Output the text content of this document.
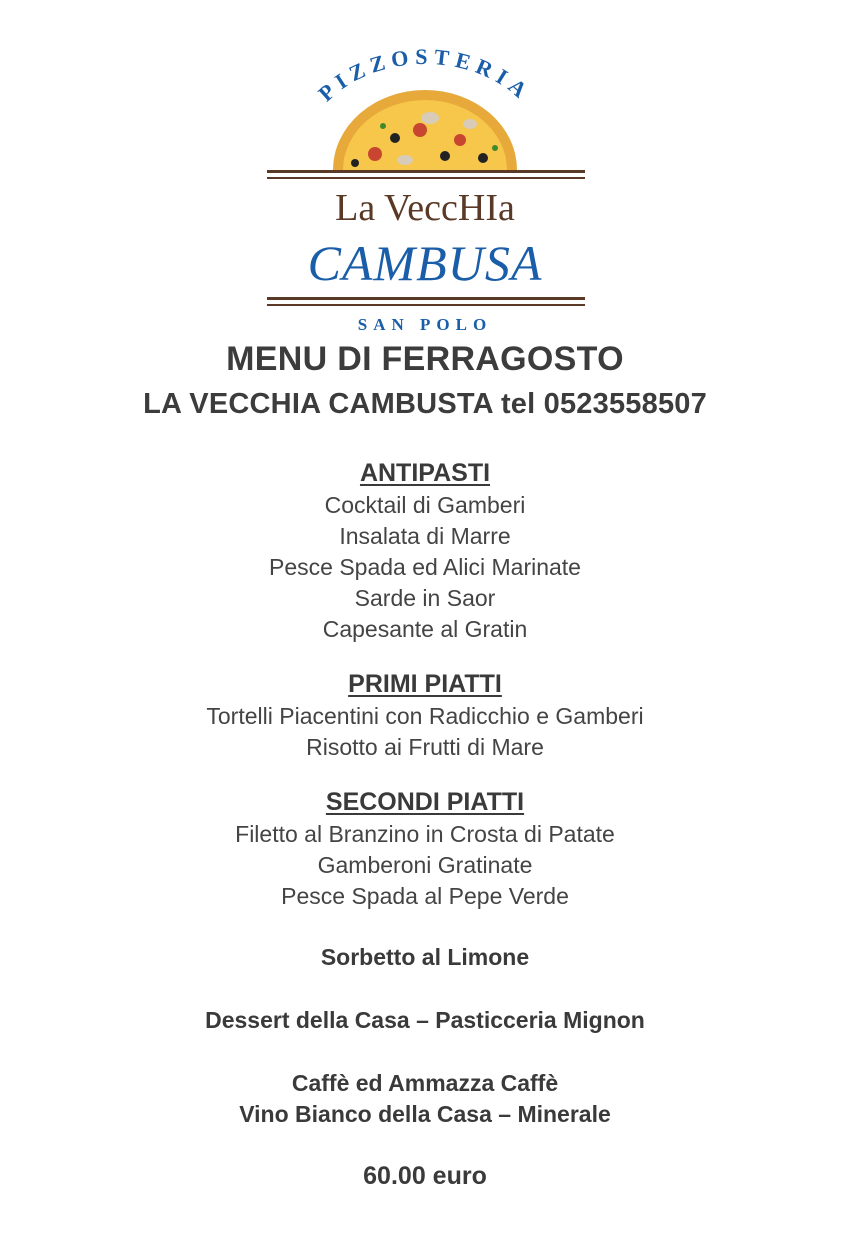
PIZZOSTERIA
La VeccHIa
CAMBUSA
SAN POLO
MENU DI FERRAGOSTO
LA VECCHIA CAMBUSTA tel 0523558507
ANTIPASTI
Cocktail di Gamberi
Insalata di Marre
Pesce Spada ed Alici Marinate
Sarde in Saor
Capesante al Gratin
PRIMI PIATTI
Tortelli Piacentini con Radicchio e Gamberi
Risotto ai Frutti di Mare
SECONDI PIATTI
Filetto al Branzino in Crosta di Patate
Gamberoni Gratinate
Pesce Spada al Pepe Verde
Sorbetto al Limone
Dessert della Casa – Pasticceria Mignon
Caffè ed Ammazza Caffè
Vino Bianco della Casa – Minerale
60.00 euro
